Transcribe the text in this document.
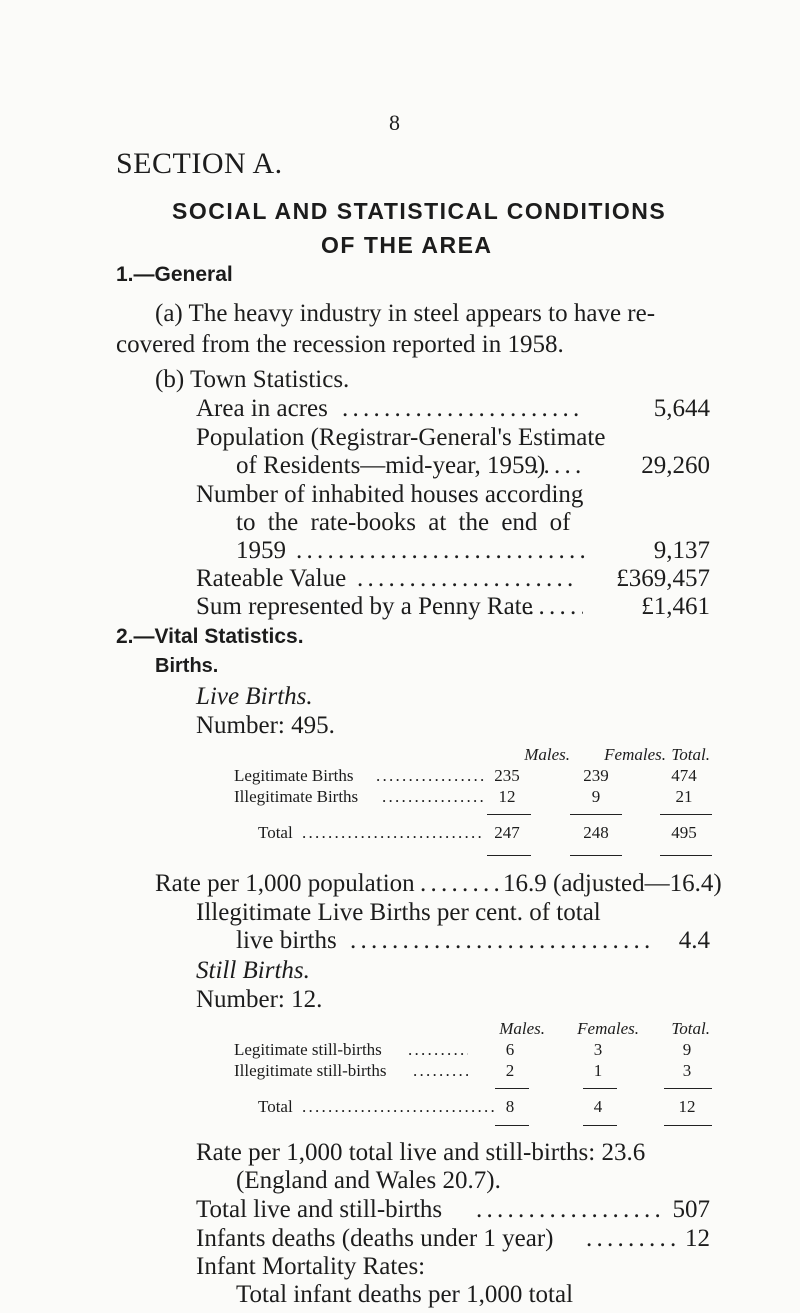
8
SECTION A.
SOCIAL AND STATISTICAL CONDITIONS
OF THE AREA
1.—General
(a) The heavy industry in steel appears to have re-
covered from the recession reported in 1958.
(b) Town Statistics.
Area in acres . . .	5,644
Population (Registrar-General's Estimate
of Residents—mid-year, 1959) . . .	29,260
Number of inhabited houses according
to the rate-books at the end of
1959 . . .	9,137
Rateable Value . . .	£369,457
Sum represented by a Penny Rate . . .	£1,461
2.—Vital Statistics.
Births.
Live Births.
Number: 495.
Males.	Females. Total.
Legitimate Births . . .	235	239	474
Illegitimate Births . . .	12	9	21
Total . . .	247	248	495
Rate per 1,000 population . . .	16.9 (adjusted—16.4)
Illegitimate Live Births per cent. of total
live births . . .	4.4
Still Births.
Number: 12.
Males.	Females.	Total.
Legitimate still-births . . .	6	3	9
Illegitimate still-births . . .	2	1	3
Total . . .	8	4	12
Rate per 1,000 total live and still-births: 23.6
(England and Wales 20.7).
Total live and still-births . . .	507
Infants deaths (deaths under 1 year) . . .	12
Infant Mortality Rates:
Total infant deaths per 1,000 total
